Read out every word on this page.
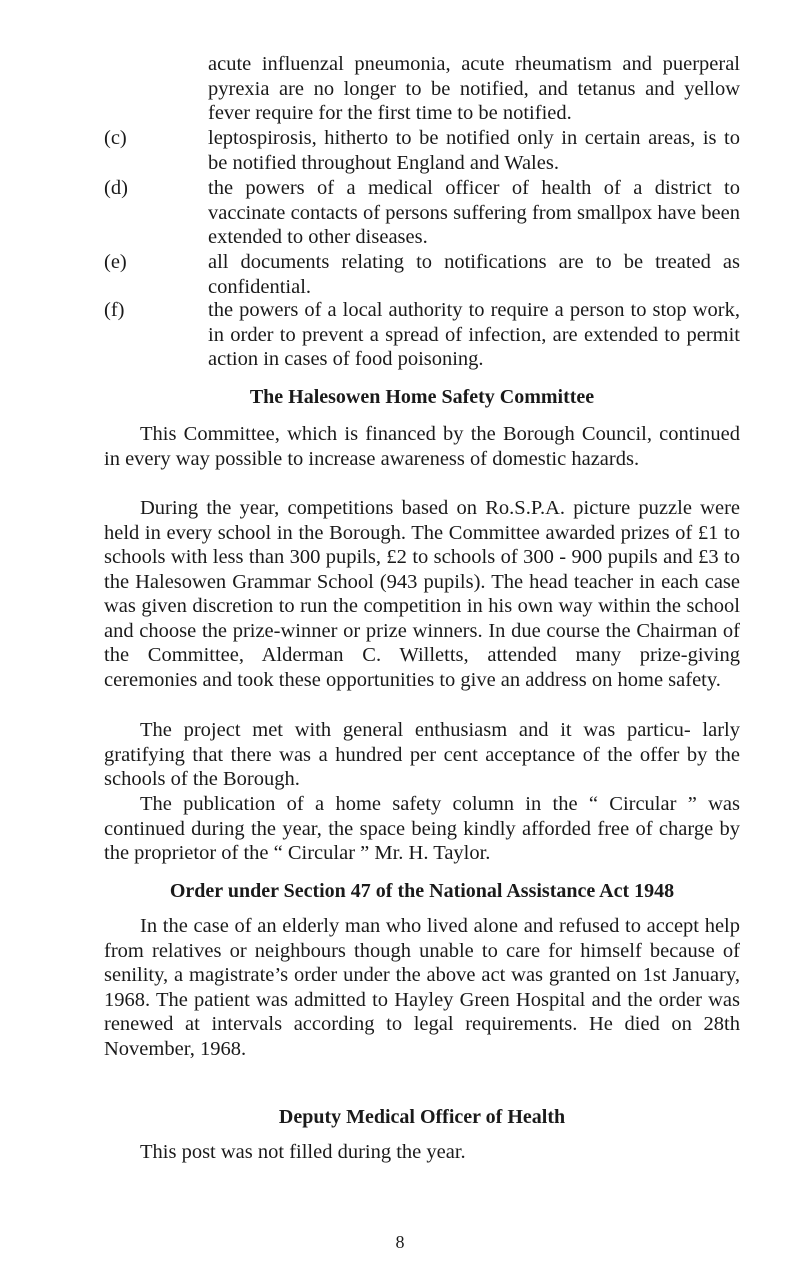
acute influenzal pneumonia, acute rheumatism and puerperal pyrexia are no longer to be notified, and tetanus and yellow fever require for the first time to be notified.

(c)	leptospirosis, hitherto to be notified only in certain areas, is to be notified throughout England and Wales.
(d)	the powers of a medical officer of health of a district to vaccinate contacts of persons suffering from smallpox have been extended to other diseases.
(e)	all documents relating to notifications are to be treated as confidential.
(f)	the powers of a local authority to require a person to stop work, in order to prevent a spread of infection, are extended to permit action in cases of food poisoning.
The Halesowen Home Safety Committee

This Committee, which is financed by the Borough Council, continued in every way possible to increase awareness of domestic hazards.

During the year, competitions based on Ro.S.P.A. picture puzzle were held in every school in the Borough. The Committee awarded prizes of £1 to schools with less than 300 pupils, £2 to schools of 300 - 900 pupils and £3 to the Halesowen Grammar School (943 pupils). The head teacher in each case was given discretion to run the competition in his own way within the school and choose the prize-winner or prize winners. In due course the Chairman of the Committee, Alderman C. Willetts, attended many prize-giving ceremonies and took these opportunities to give an address on home safety.

The project met with general enthusiasm and it was particu- larly gratifying that there was a hundred per cent acceptance of the offer by the schools of the Borough.

The publication of a home safety column in the “ Circular ” was continued during the year, the space being kindly afforded free of charge by the proprietor of the “ Circular ” Mr. H. Taylor.

Order under Section 47 of the National Assistance Act 1948

In the case of an elderly man who lived alone and refused to accept help from relatives or neighbours though unable to care for himself because of senility, a magistrate’s order under the above act was granted on 1st January, 1968. The patient was admitted to Hayley Green Hospital and the order was renewed at intervals according to legal requirements. He died on 28th November, 1968.

Deputy Medical Officer of Health

This post was not filled during the year.

8
